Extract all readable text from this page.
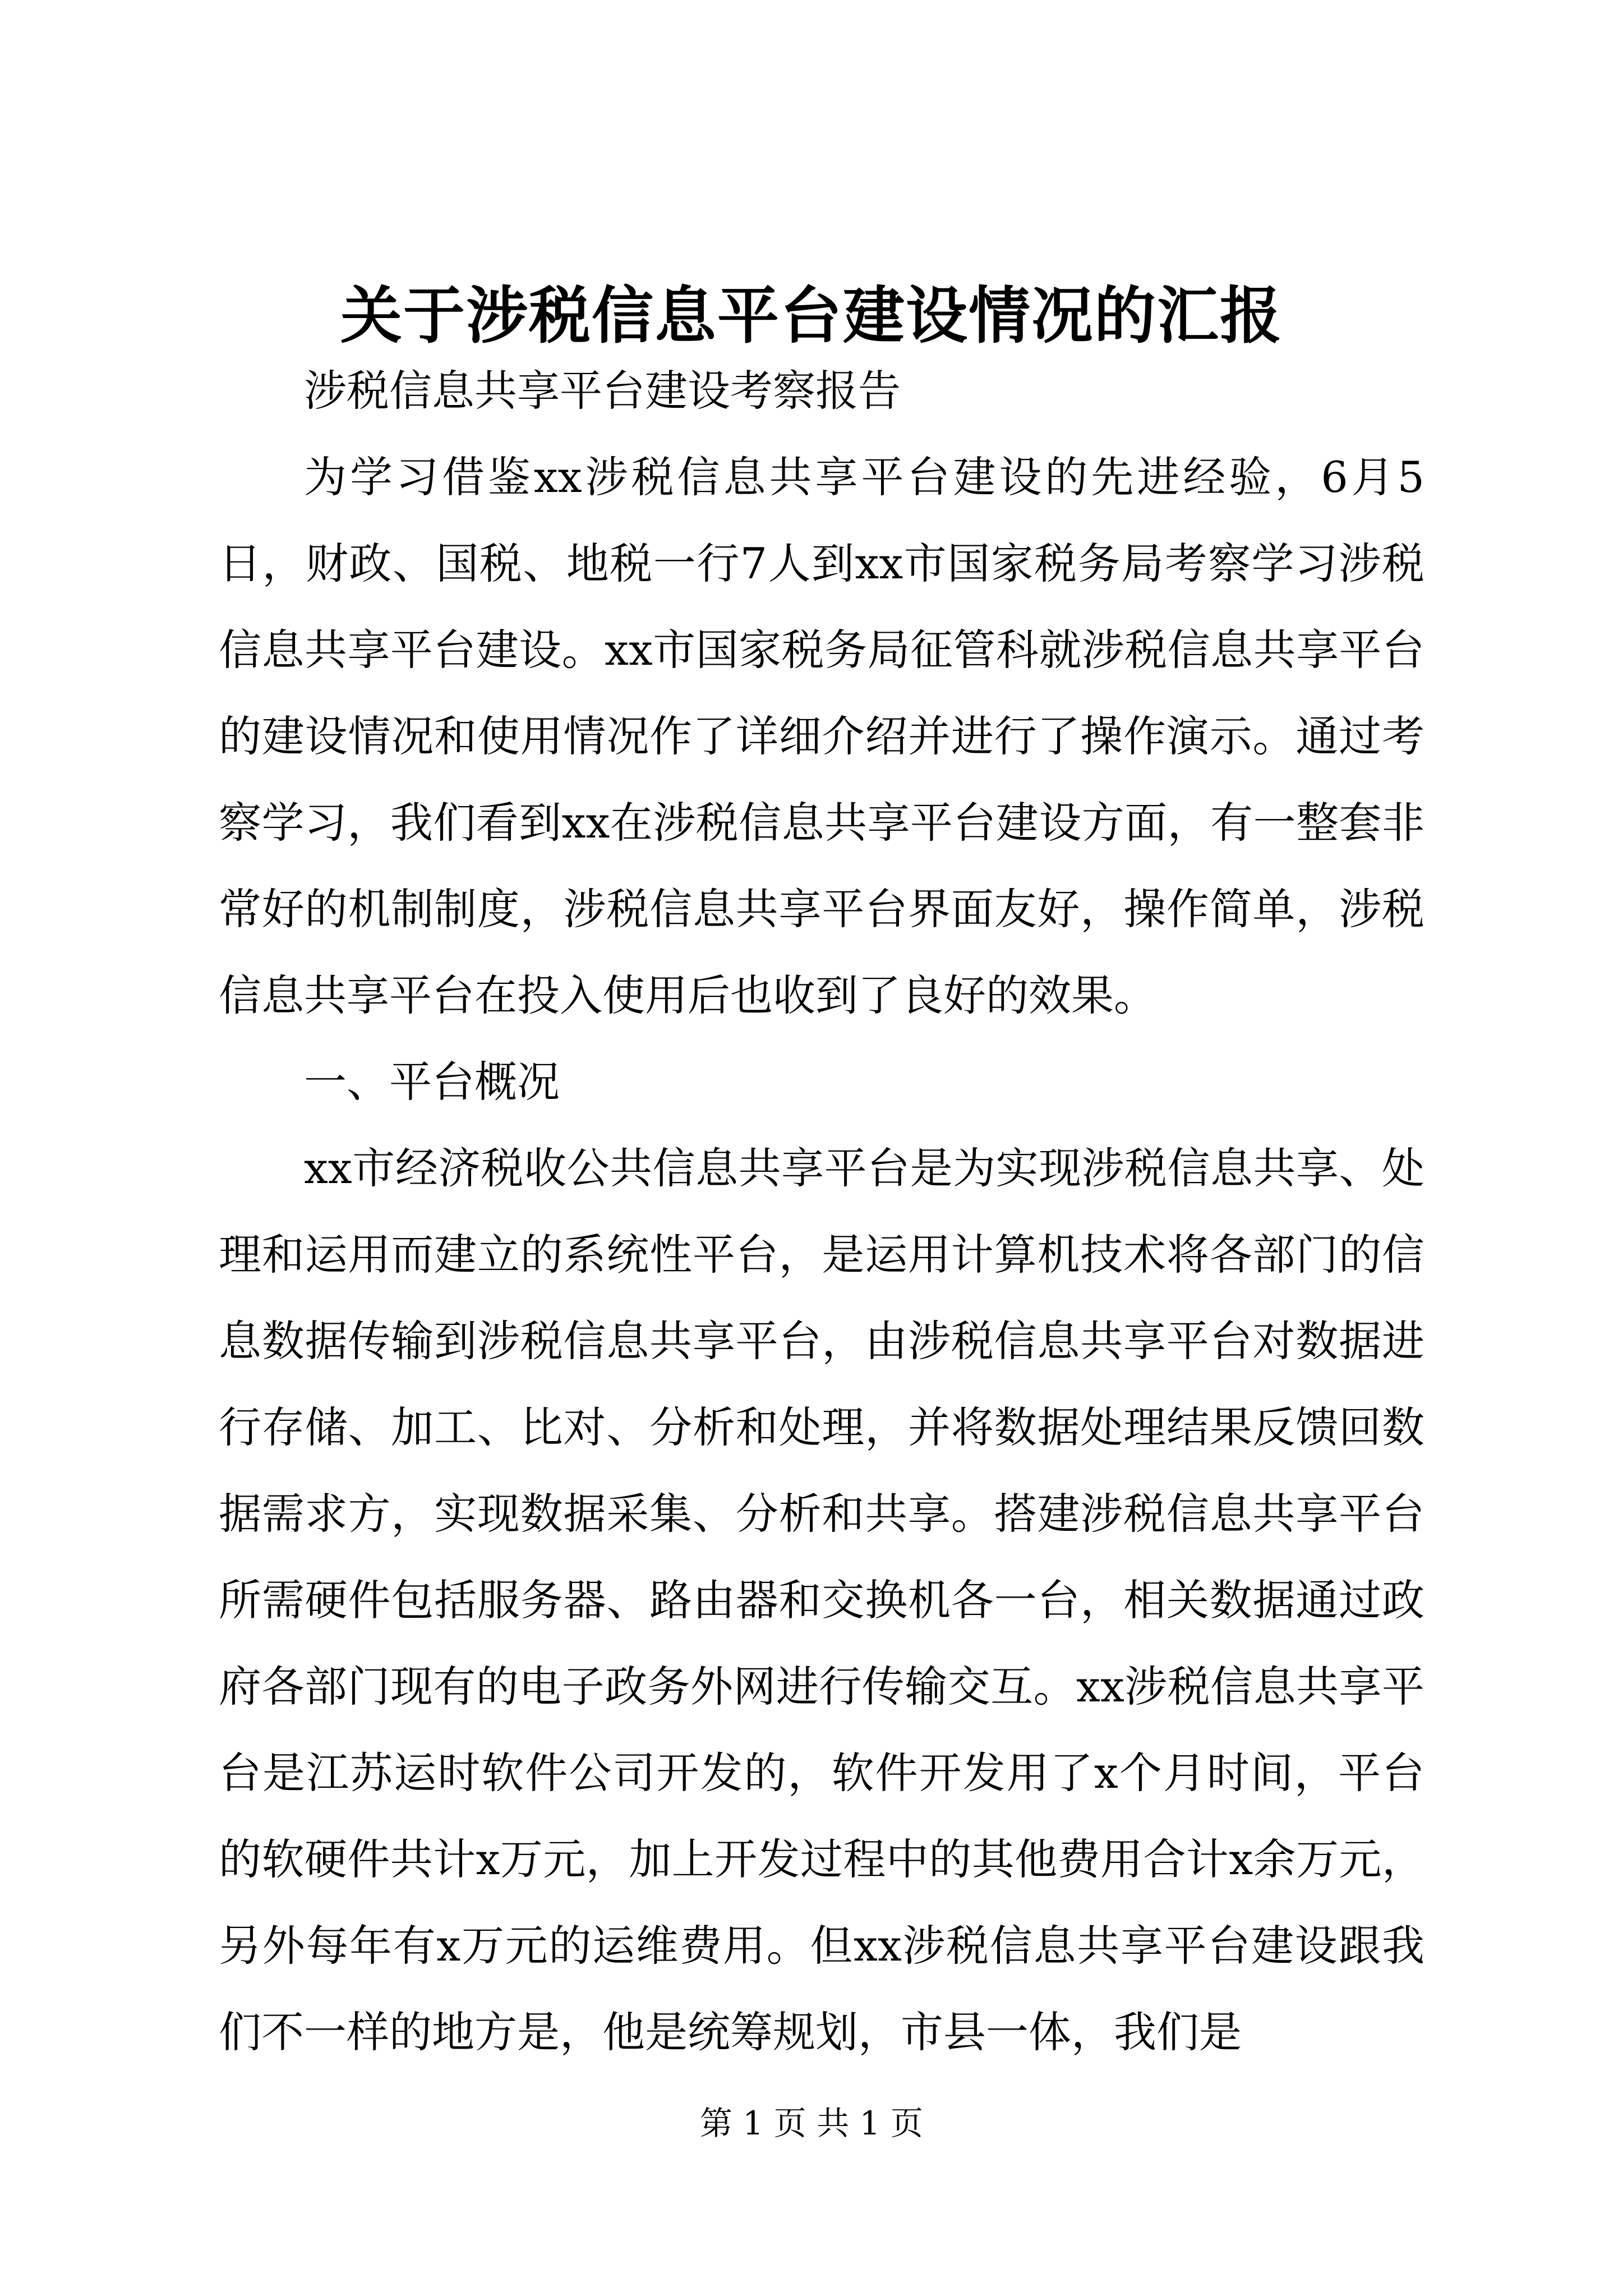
关于涉税信息平台建设情况的汇报

涉税信息共享平台建设考察报告

为学习借鉴xx涉税信息共享平台建设的先进经验，6月5日，财政、国税、地税一行7人到xx市国家税务局考察学习涉税信息共享平台建设。xx市国家税务局征管科就涉税信息共享平台的建设情况和使用情况作了详细介绍并进行了操作演示。通过考察学习，我们看到xx在涉税信息共享平台建设方面，有一整套非常好的机制制度，涉税信息共享平台界面友好，操作简单，涉税信息共享平台在投入使用后也收到了良好的效果。

一、平台概况

xx市经济税收公共信息共享平台是为实现涉税信息共享、处理和运用而建立的系统性平台，是运用计算机技术将各部门的信息数据传输到涉税信息共享平台，由涉税信息共享平台对数据进行存储、加工、比对、分析和处理，并将数据处理结果反馈回数据需求方，实现数据采集、分析和共享。搭建涉税信息共享平台所需硬件包括服务器、路由器和交换机各一台，相关数据通过政府各部门现有的电子政务外网进行传输交互。xx涉税信息共享平台是江苏运时软件公司开发的，软件开发用了x个月时间，平台的软硬件共计x万元，加上开发过程中的其他费用合计x余万元，另外每年有x万元的运维费用。但xx涉税信息共享平台建设跟我们不一样的地方是，他是统筹规划，市县一体，我们是

第 1 页 共 1 页
